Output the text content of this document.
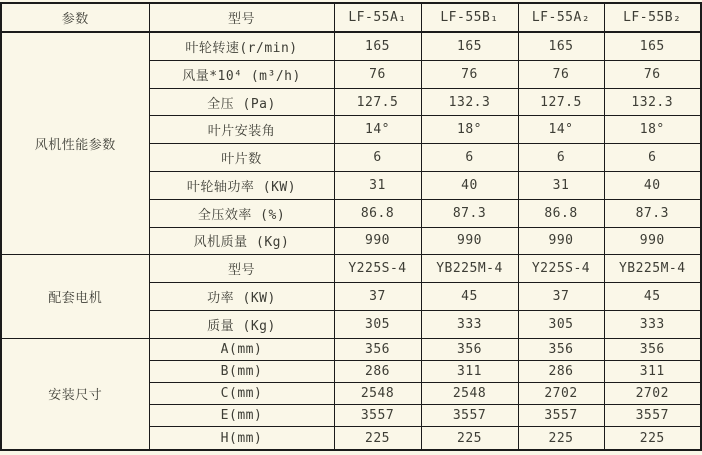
参数	型号	LF-55A₁	LF-55B₁	LF-55A₂	LF-55B₂
风机性能参数	叶轮转速(r/min)	165	165	165	165
	风量*10⁴ (m³/h)	76	76	76	76
	全压 (Pa)	127.5	132.3	127.5	132.3
	叶片安装角	14°	18°	14°	18°
	叶片数	6	6	6	6
	叶轮轴功率 (KW)	31	40	31	40
	全压效率 (%)	86.8	87.3	86.8	87.3
	风机质量 (Kg)	990	990	990	990
配套电机	型号	Y225S-4	YB225M-4	Y225S-4	YB225M-4
	功率 (KW)	37	45	37	45
	质量 (Kg)	305	333	305	333
安装尺寸	A(mm)	356	356	356	356
	B(mm)	286	311	286	311
	C(mm)	2548	2548	2702	2702
	E(mm)	3557	3557	3557	3557
	H(mm)	225	225	225	225
